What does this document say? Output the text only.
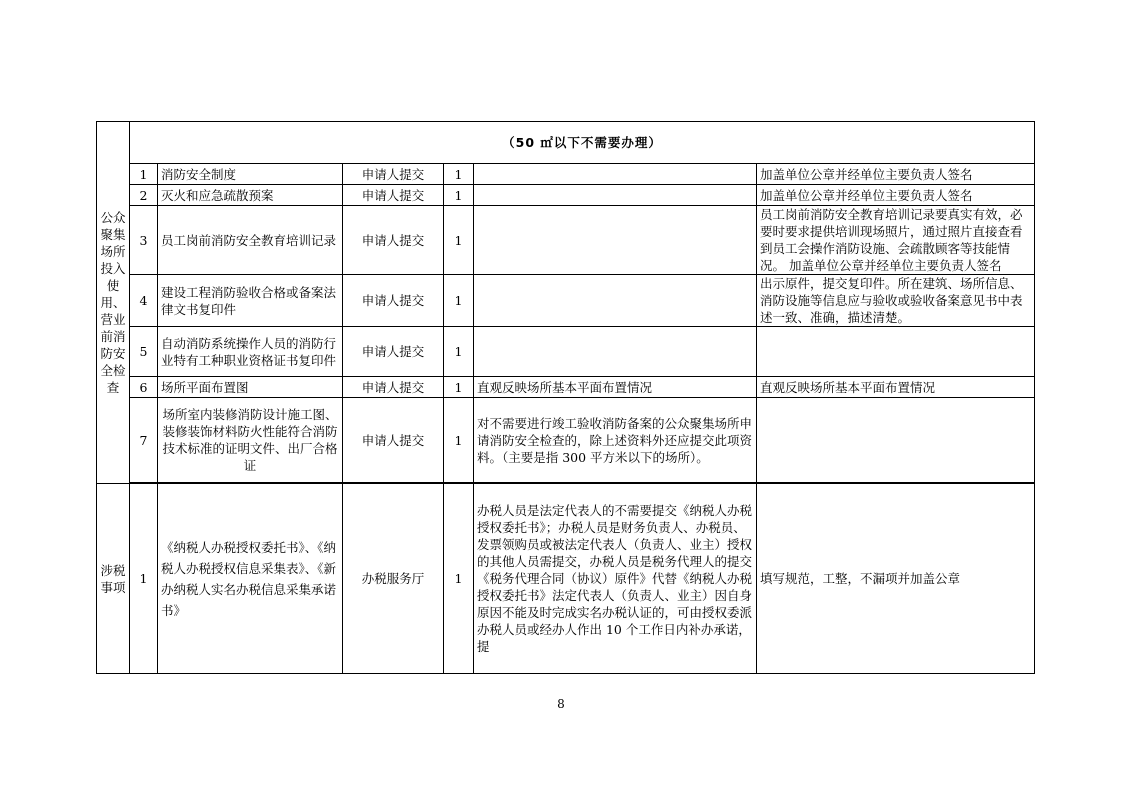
公众聚集场所投入使用、营业前消防安全检查	（50 ㎡以下不需要办理）					
	1	消防安全制度	申请人提交	1		加盖单位公章并经单位主要负责人签名
	2	灭火和应急疏散预案	申请人提交	1		加盖单位公章并经单位主要负责人签名
	3	员工岗前消防安全教育培训记录	申请人提交	1		员工岗前消防安全教育培训记录要真实有效，必要时要求提供培训现场照片，通过照片直接查看到员工会操作消防设施、会疏散顾客等技能情况。 加盖单位公章并经单位主要负责人签名
	4	建设工程消防验收合格或备案法律文书复印件	申请人提交	1		出示原件，提交复印件。所在建筑、场所信息、消防设施等信息应与验收或验收备案意见书中表述一致、准确，描述清楚。
	5	自动消防系统操作人员的消防行业特有工种职业资格证书复印件	申请人提交	1		
	6	场所平面布置图	申请人提交	1	直观反映场所基本平面布置情况	直观反映场所基本平面布置情况
	7	场所室内装修消防设计施工图、装修装饰材料防火性能符合消防技术标准的证明文件、出厂合格证	申请人提交	1	对不需要进行竣工验收消防备案的公众聚集场所申请消防安全检查的，除上述资料外还应提交此项资料。（主要是指 300 平方米以下的场所）。	

涉税事项	1	《纳税人办税授权委托书》、《纳税人办税授权信息采集表》、《新办纳税人实名办税信息采集承诺书》	办税服务厅	1	办税人员是法定代表人的不需要提交《纳税人办税授权委托书》；办税人员是财务负责人、办税员、发票领购员或被法定代表人（负责人、业主）授权的其他人员需提交，办税人员是税务代理人的提交《税务代理合同（协议）原件》代替《纳税人办税授权委托书》法定代表人（负责人、业主）因自身原因不能及时完成实名办税认证的，可由授权委派办税人员或经办人作出 10 个工作日内补办承诺，提	填写规范，工整，不漏项并加盖公章
8
